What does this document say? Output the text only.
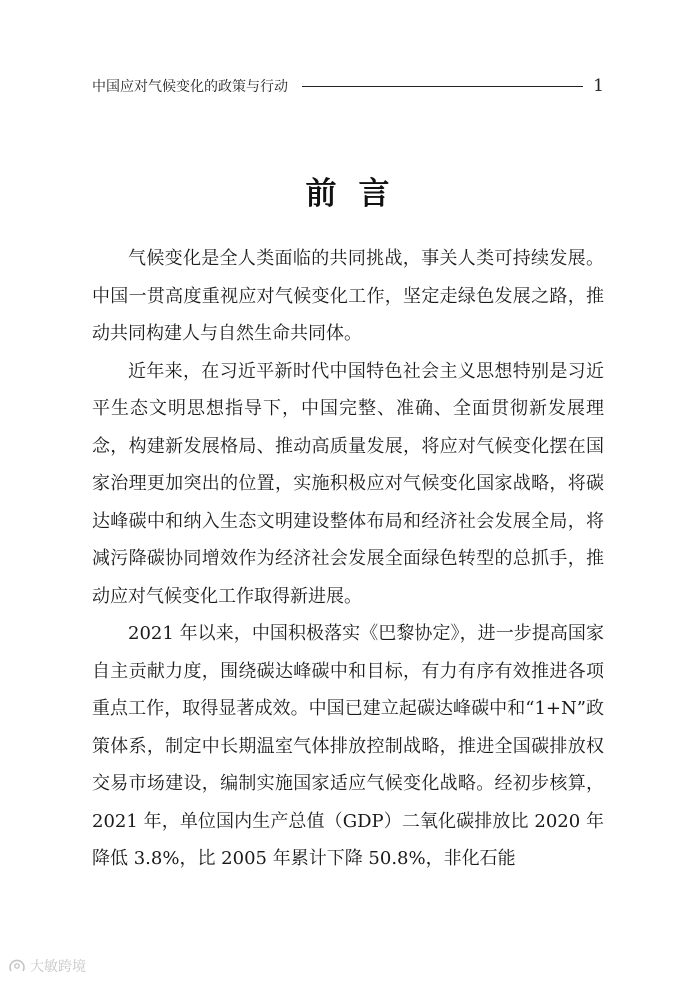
中国应对气候变化的政策与行动	1
前言

气候变化是全人类面临的共同挑战，事关人类可持续发展。中国一贯高度重视应对气候变化工作，坚定走绿色发展之路，推动共同构建人与自然生命共同体。

近年来，在习近平新时代中国特色社会主义思想特别是习近平生态文明思想指导下，中国完整、准确、全面贯彻新发展理念，构建新发展格局、推动高质量发展，将应对气候变化摆在国家治理更加突出的位置，实施积极应对气候变化国家战略，将碳达峰碳中和纳入生态文明建设整体布局和经济社会发展全局，将减污降碳协同增效作为经济社会发展全面绿色转型的总抓手，推动应对气候变化工作取得新进展。

2021 年以来，中国积极落实《巴黎协定》，进一步提高国家自主贡献力度，围绕碳达峰碳中和目标，有力有序有效推进各项重点工作，取得显著成效。中国已建立起碳达峰碳中和“1+N”政策体系，制定中长期温室气体排放控制战略，推进全国碳排放权交易市场建设，编制实施国家适应气候变化战略。经初步核算，2021 年，单位国内生产总值（GDP）二氧化碳排放比 2020 年降低 3.8%，比 2005 年累计下降 50.8%，非化石能

大敏跨境
